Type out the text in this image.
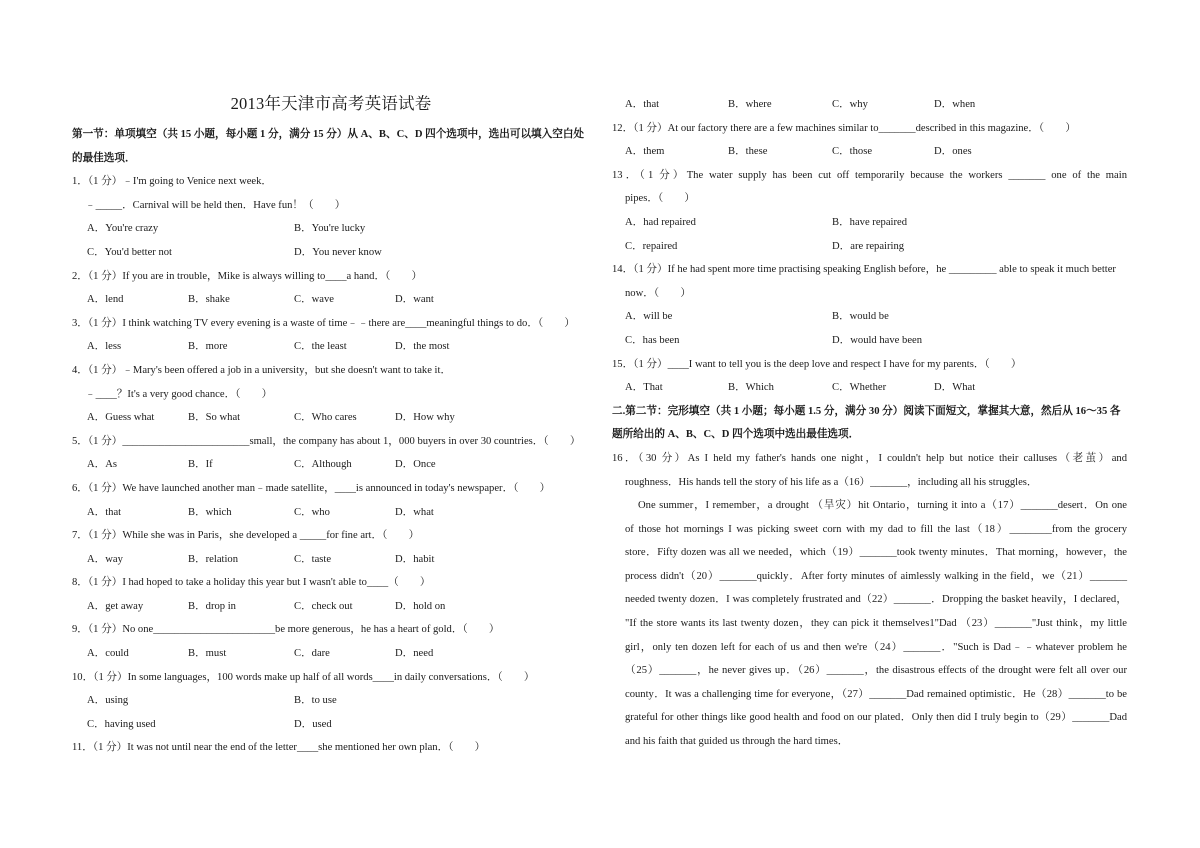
2013年天津市高考英语试卷
第一节：单项填空（共 15 小题，每小题 1 分，满分 15 分）从 A、B、C、D 四个选项中，选出可以填入空白处的最佳选项．
1．（1 分）﹣I'm going to Venice next week．
﹣_____．Carnival will be held then．Have fun！（　　）
A．You're crazy	B．You're lucky
C．You'd better not	D．You never know
2．（1 分）If you are in trouble，Mike is always willing to____a hand．（　　）
A．lend	B．shake	C．wave	D．want
3．（1 分）I think watching TV every evening is a waste of time﹣﹣there are____meaningful things to do．（　　）
A．less	B．more	C．the least	D．the most
4．（1 分）﹣Mary's been offered a job in a university，but she doesn't want to take it．
﹣____？It's a very good chance．（　　）
A．Guess what	B．So what	C．Who cares	D．How why
5．（1 分）________________________small，the company has about 1，000 buyers in over 30 countries．（　　）
A．As	B．If	C．Although	D．Once
6．（1 分）We have launched another man﹣made satellite，____is announced in today's newspaper．（　　）
A．that	B．which	C．who	D．what
7．（1 分）While she was in Paris，she developed a _____for fine art．（　　）
A．way	B．relation	C．taste	D．habit
8．（1 分）I had hoped to take a holiday this year but I wasn't able to____（　　）
A．get away	B．drop in	C．check out	D．hold on
9．（1 分）No one_______________________be more generous，he has a heart of gold．（　　）
A．could	B．must	C．dare	D．need
10．（1 分）In some languages，100 words make up half of all words____in daily conversations．（　　）
A．using	B．to use
C．having used	D．used
11．（1 分）It was not until near the end of the letter____she mentioned her own plan．（　　）
A．that	B．where	C．why	D．when
12．（1 分）At our factory there are a few machines similar to_______described in this magazine．（　　）
A．them	B．these	C．those	D．ones
13．（1 分）The water supply has been cut off temporarily because the workers _______ one of the main
pipes．（　　）
A．had repaired	B．have repaired
C．repaired	D．are repairing
14．（1 分）If he had spent more time practising speaking English before，he _________ able to speak it much better
now．（　　）
A．will be	B．would be
C．has been	D．would have been
15．（1 分）____I want to tell you is the deep love and respect I have for my parents．（　　）
A．That	B．Which	C．Whether	D．What
二.第二节：完形填空（共 1 小题；每小题 1.5 分，满分 30 分）阅读下面短文，掌握其大意，然后从 16～35 各题所给出的 A、B、C、D 四个选项中选出最佳选项．
16．（30 分）As I held my father's hands one night，I couldn't help but notice their calluses（老茧）and
roughness．His hands tell the story of his life as a（16）_______，including all his struggles．
One summer，I remember，a drought （旱灾）hit Ontario，turning it into a（17）_______desert．On one
of those hot mornings I was picking sweet corn with my dad to fill the last（18）________from the grocery
store．Fifty dozen was all we needed，which（19）_______took twenty minutes．That morning，however，the
process didn't（20）_______quickly．After forty minutes of aimlessly walking in the field，we（21）_______
needed twenty dozen．I was completely frustrated and（22）_______．Dropping the basket heavily，I declared，
"If the store wants its last twenty dozen，they can pick it themselves1"Dad （23）_______"Just think，my little
girl，only ten dozen left for each of us and then we're（24）_______．"Such is Dad﹣﹣whatever problem he
（25）_______，he never gives up．（26）_______，the disastrous effects of the drought were felt all over our
county．It was a challenging time for everyone，（27）_______Dad remained optimistic．He（28）_______to be
grateful for other things like good health and food on our plated．Only then did I truly begin to（29）_______Dad
and his faith that guided us through the hard times．
